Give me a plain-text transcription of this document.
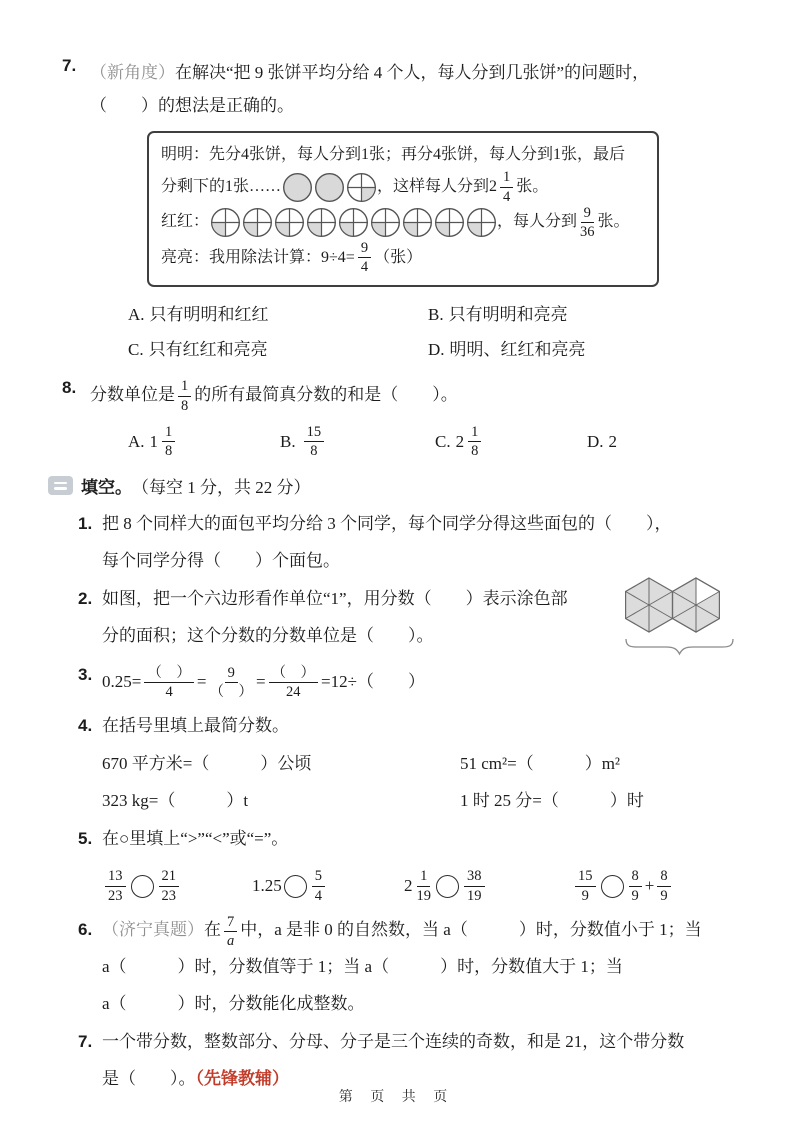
7. （新角度）在解决“把 9 张饼平均分给 4 个人，每人分到几张饼”的问题时，
（　　）的想法是正确的。

明明： 先分4张饼，每人分到1张；再分4张饼，每人分到1张，最后

分剩下的1张……	，这样每人分到$2 \frac{1}{4}$ 张。

红红：	，每人分到 $\frac{9}{36}$ 张。

亮亮： 我用除法计算：$9\div 4= \frac{9}{4}$ （张）

A. 只有明明和红红	B. 只有明明和亮亮
C. 只有红红和亮亮	D. 明明、红红和亮亮
8. 分数单位是 $\frac{1}{8}$ 的所有最简真分数的和是（　　）。

A. $1 \frac{1}{8}$	B. $\frac{15}{8}$	C. $2 \frac{1}{8}$	D. 2
填空。 （每空 1 分，共 22 分）
1. 把 8 个同样大的面包平均分给 3 个同学，每个同学分得这些面包的（　　），
每个同学分得（　　）个面包。
2. 如图，把一个六边形看作单位“1”，用分数（　　）表示涂色部
分的面积；这个分数的分数单位是（　　）。
3. $0.25= \frac{( )}{4} = \frac{9}{( )} = \frac{( )}{24} =12\div$（　　）
4. 在括号里填上最简分数。
670 平方米=（　　　）公顷	51 cm²=（　　　）m²
323 kg=（　　　）t	1 时 25 分=（　　　）时
5. 在○里填上“>”“<”或“=”。
$\frac{13}{23} \frac{21}{23}$	$1.25 \frac{5}{4}$	$2 \frac{1}{19} \frac{38}{19}$	$\frac{15}{9} \frac{8}{9} + \frac{8}{9}$
6. （济宁真题）在 $\frac{7}{a}$ 中，a 是非 0 的自然数，当 a（　　　）时，分数值小于 1；当
a（　　　）时，分数值等于 1；当 a（　　　）时，分数值大于 1；当
a（　　　）时，分数能化成整数。
7. 一个带分数，整数部分、分母、分子是三个连续的奇数，和是 21，这个带分数
是（　　）。（先锋教辅）
第 页 共 页
